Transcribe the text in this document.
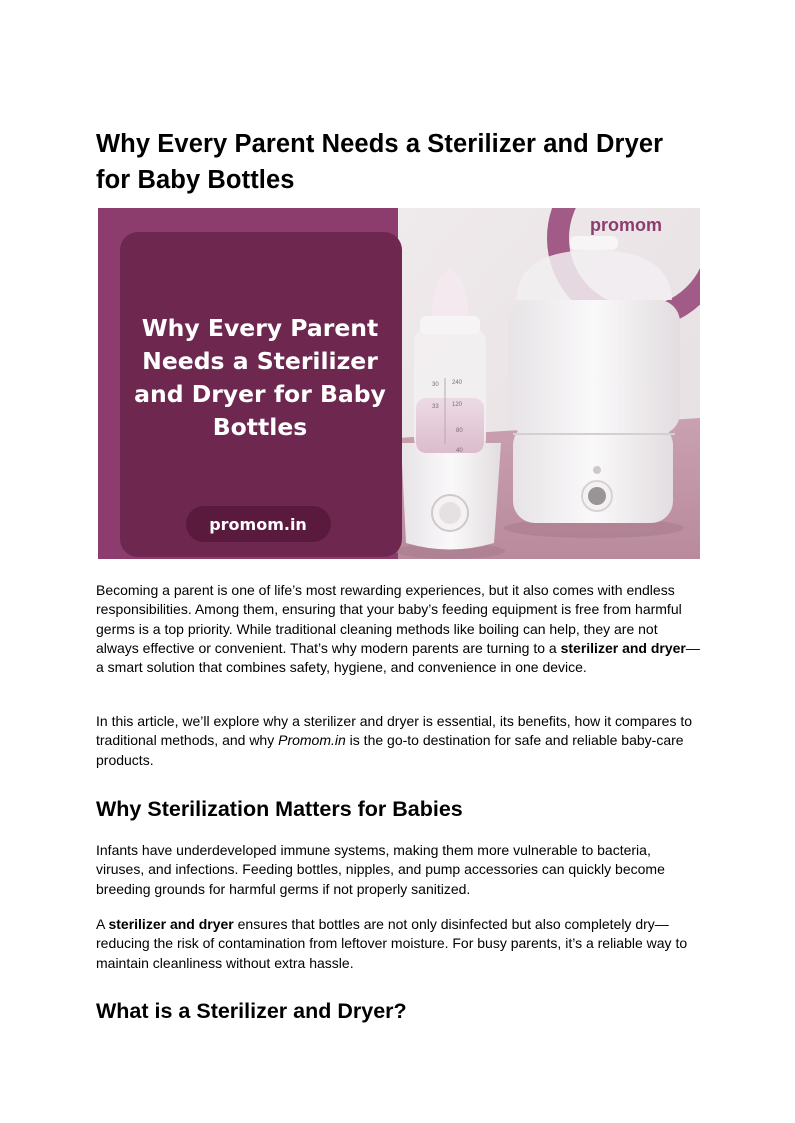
Why Every Parent Needs a Sterilizer and Dryer for Baby Bottles
30 240
33 120
80
40
promom
Why Every Parent
Needs a Sterilizer
and Dryer for Baby
Bottles
promom.in

Becoming a parent is one of life’s most rewarding experiences, but it also comes with endless responsibilities. Among them, ensuring that your baby’s feeding equipment is free from harmful germs is a top priority. While traditional cleaning methods like boiling can help, they are not always effective or convenient. That’s why modern parents are turning to a sterilizer and dryer—a smart solution that combines safety, hygiene, and convenience in one device.

In this article, we’ll explore why a sterilizer and dryer is essential, its benefits, how it compares to traditional methods, and why Promom.in is the go-to destination for safe and reliable baby-care products.

Why Sterilization Matters for Babies

Infants have underdeveloped immune systems, making them more vulnerable to bacteria, viruses, and infections. Feeding bottles, nipples, and pump accessories can quickly become breeding grounds for harmful germs if not properly sanitized.

A sterilizer and dryer ensures that bottles are not only disinfected but also completely dry—reducing the risk of contamination from leftover moisture. For busy parents, it’s a reliable way to maintain cleanliness without extra hassle.

What is a Sterilizer and Dryer?
